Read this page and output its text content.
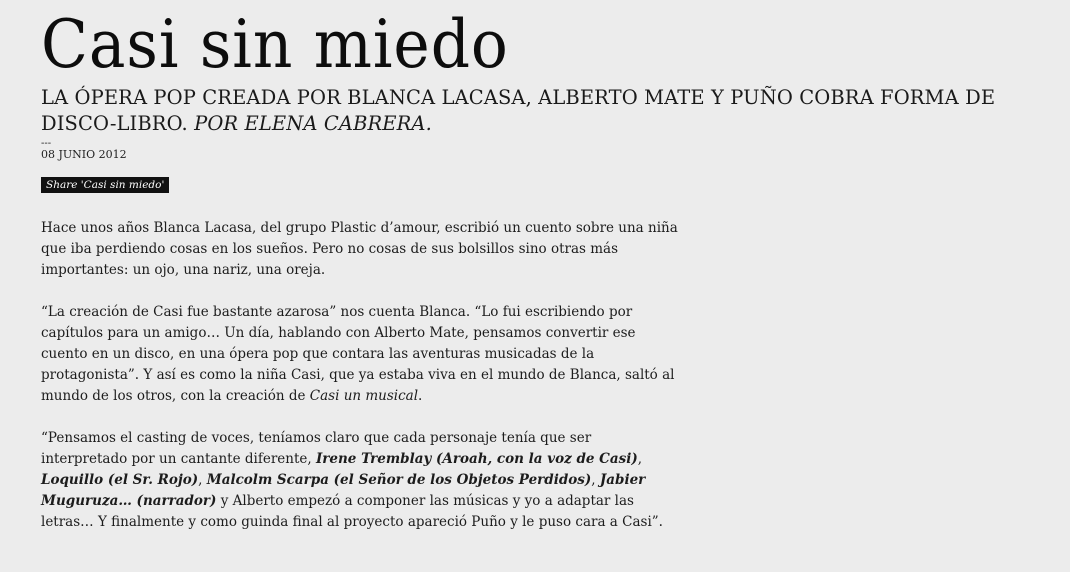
Casi sin miedo
LA ÓPERA POP CREADA POR BLANCA LACASA, ALBERTO MATE Y PUÑO COBRA FORMA DE DISCO-LIBRO. POR ELENA CABRERA.
---
08 JUNIO 2012
Share 'Casi sin miedo'

Hace unos años Blanca Lacasa, del grupo Plastic d’amour, escribió un cuento sobre una niña que iba perdiendo cosas en los sueños. Pero no cosas de sus bolsillos sino otras más importantes: un ojo, una nariz, una oreja.

“La creación de Casi fue bastante azarosa” nos cuenta Blanca. “Lo fui escribiendo por capítulos para un amigo… Un día, hablando con Alberto Mate, pensamos convertir ese cuento en un disco, en una ópera pop que contara las aventuras musicadas de la protagonista”. Y así es como la niña Casi, que ya estaba viva en el mundo de Blanca, saltó al mundo de los otros, con la creación de Casi un musical.

“Pensamos el casting de voces, teníamos claro que cada personaje tenía que ser interpretado por un cantante diferente, Irene Tremblay (Aroah, con la voz de Casi), Loquillo (el Sr. Rojo), Malcolm Scarpa (el Señor de los Objetos Perdidos), Jabier Muguruza… (narrador) y Alberto empezó a componer las músicas y yo a adaptar las letras… Y finalmente y como guinda final al proyecto apareció Puño y le puso cara a Casi”.
